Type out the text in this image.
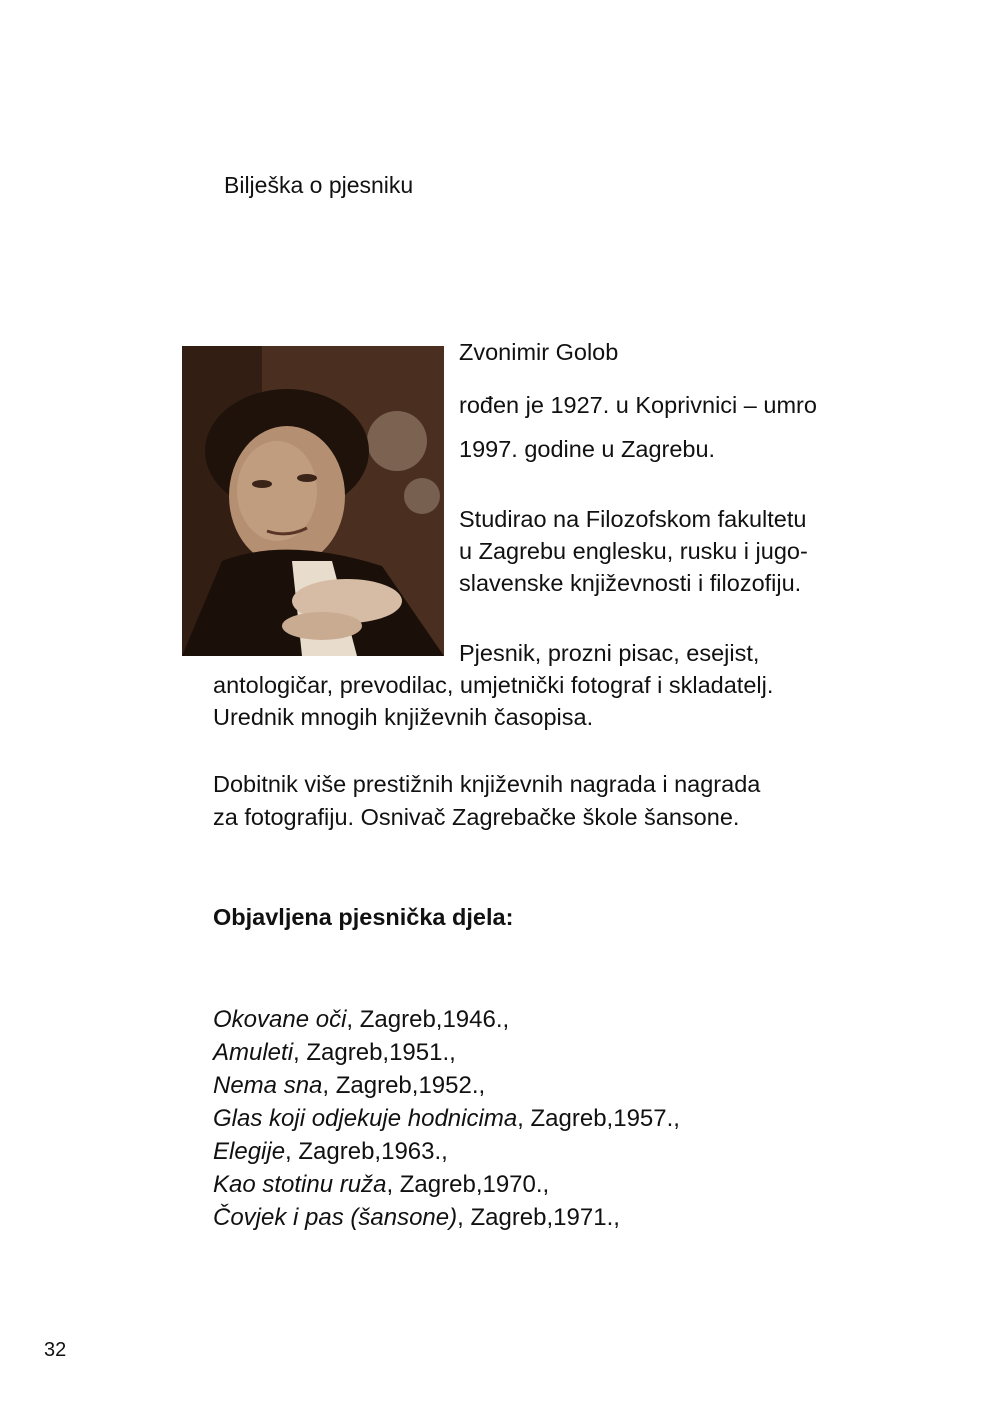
Bilješka o pjesniku
Zvonimir Golob
rođen je 1927. u Koprivnici – umro
1997. godine u Zagrebu.
Studirao na Filozofskom fakultetu
u Zagrebu englesku, rusku i jugo-
slavenske književnosti i filozofiju.
Pjesnik, prozni pisac, esejist,
antologičar, prevodilac, umjetnički fotograf i skladatelj.
Urednik mnogih književnih časopisa.
Dobitnik više prestižnih književnih nagrada i nagrada
za fotografiju. Osnivač Zagrebačke škole šansone.
Objavljena pjesnička djela:
Okovane oči, Zagreb,1946.,
Amuleti, Zagreb,1951.,
Nema sna, Zagreb,1952.,
Glas koji odjekuje hodnicima, Zagreb,1957.,
Elegije, Zagreb,1963.,
Kao stotinu ruža, Zagreb,1970.,
Čovjek i pas (šansone), Zagreb,1971.,
32
